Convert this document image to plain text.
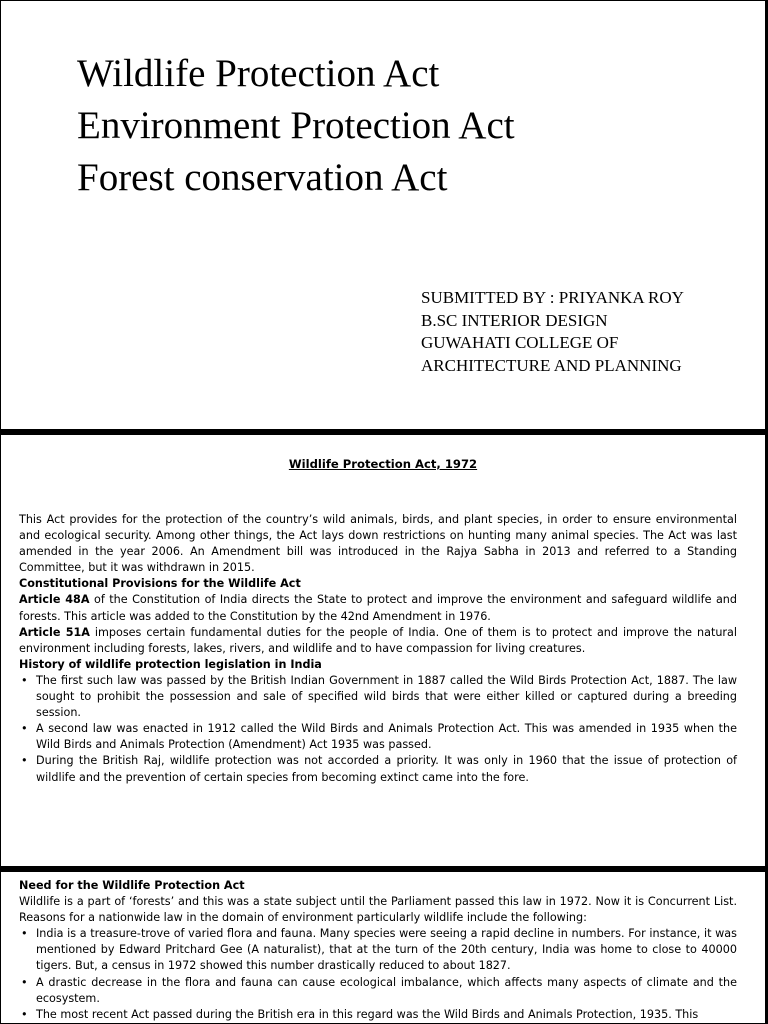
Wildlife Protection Act
Environment Protection Act
Forest conservation Act
SUBMITTED BY : PRIYANKA ROY
B.SC INTERIOR DESIGN
GUWAHATI COLLEGE OF
ARCHITECTURE AND PLANNING
Wildlife Protection Act, 1972

This Act provides for the protection of the country’s wild animals, birds, and plant species, in order to ensure environmental and ecological security. Among other things, the Act lays down restrictions on hunting many animal species. The Act was last amended in the year 2006. An Amendment bill was introduced in the Rajya Sabha in 2013 and referred to a Standing Committee, but it was withdrawn in 2015.

Constitutional Provisions for the Wildlife Act

Article 48A of the Constitution of India directs the State to protect and improve the environment and safeguard wildlife and forests. This article was added to the Constitution by the 42nd Amendment in 1976.

Article 51A imposes certain fundamental duties for the people of India. One of them is to protect and improve the natural environment including forests, lakes, rivers, and wildlife and to have compassion for living creatures.

History of wildlife protection legislation in India

• The first such law was passed by the British Indian Government in 1887 called the Wild Birds Protection Act, 1887. The law sought to prohibit the possession and sale of specified wild birds that were either killed or captured during a breeding session.
• A second law was enacted in 1912 called the Wild Birds and Animals Protection Act. This was amended in 1935 when the Wild Birds and Animals Protection (Amendment) Act 1935 was passed.
• During the British Raj, wildlife protection was not accorded a priority. It was only in 1960 that the issue of protection of wildlife and the prevention of certain species from becoming extinct came into the fore.

Need for the Wildlife Protection Act

Wildlife is a part of ‘forests’ and this was a state subject until the Parliament passed this law in 1972. Now it is Concurrent List. Reasons for a nationwide law in the domain of environment particularly wildlife include the following:

• India is a treasure-trove of varied flora and fauna. Many species were seeing a rapid decline in numbers. For instance, it was mentioned by Edward Pritchard Gee (A naturalist), that at the turn of the 20th century, India was home to close to 40000 tigers. But, a census in 1972 showed this number drastically reduced to about 1827.
• A drastic decrease in the flora and fauna can cause ecological imbalance, which affects many aspects of climate and the ecosystem.
• The most recent Act passed during the British era in this regard was the Wild Birds and Animals Protection, 1935. This
